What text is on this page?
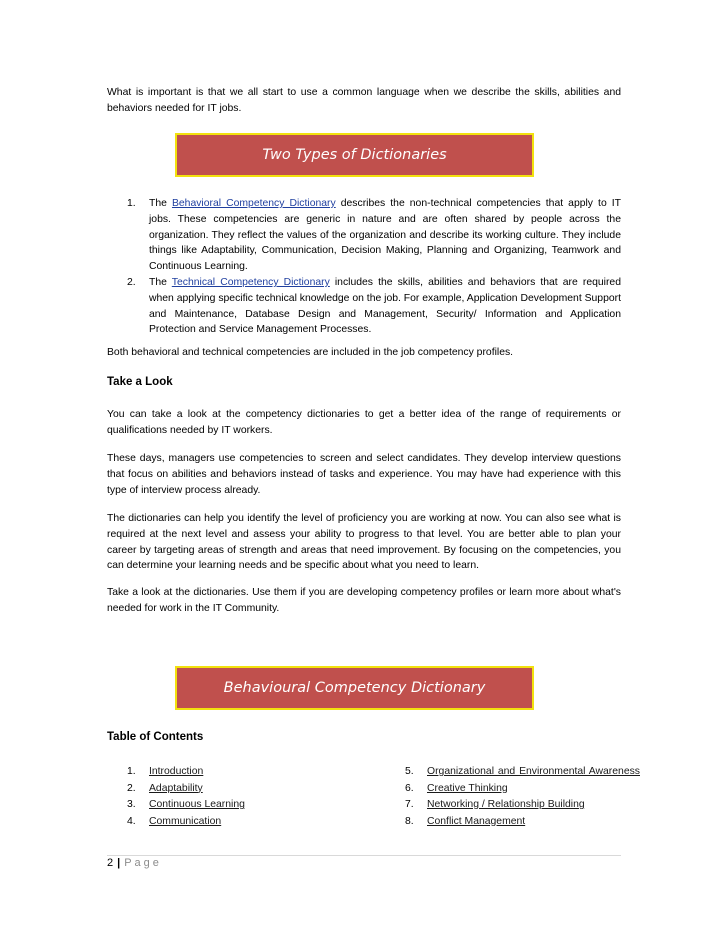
What is important is that we all start to use a common language when we describe the skills, abilities and behaviors needed for IT jobs.

Two Types of Dictionaries
1. The Behavioral Competency Dictionary describes the non-technical competencies that apply to IT jobs. These competencies are generic in nature and are often shared by people across the organization. They reflect the values of the organization and describe its working culture. They include things like Adaptability, Communication, Decision Making, Planning and Organizing, Teamwork and Continuous Learning.
2. The Technical Competency Dictionary includes the skills, abilities and behaviors that are required when applying specific technical knowledge on the job. For example, Application Development Support and Maintenance, Database Design and Management, Security/ Information and Application Protection and Service Management Processes.

Both behavioral and technical competencies are included in the job competency profiles.

Take a Look

You can take a look at the competency dictionaries to get a better idea of the range of requirements or qualifications needed by IT workers.

These days, managers use competencies to screen and select candidates. They develop interview questions that focus on abilities and behaviors instead of tasks and experience. You may have had experience with this type of interview process already.

The dictionaries can help you identify the level of proficiency you are working at now. You can also see what is required at the next level and assess your ability to progress to that level. You are better able to plan your career by targeting areas of strength and areas that need improvement. By focusing on the competencies, you can determine your learning needs and be specific about what you need to learn.

Take a look at the dictionaries. Use them if you are developing competency profiles or learn more about what's needed for work in the IT Community.

Behavioural Competency Dictionary
Table of Contents
1. Introduction
2. Adaptability
3. Continuous Learning
4. Communication
5. Organizational and Environmental Awareness
6. Creative Thinking
7. Networking / Relationship Building
8. Conflict Management
2 | Page
